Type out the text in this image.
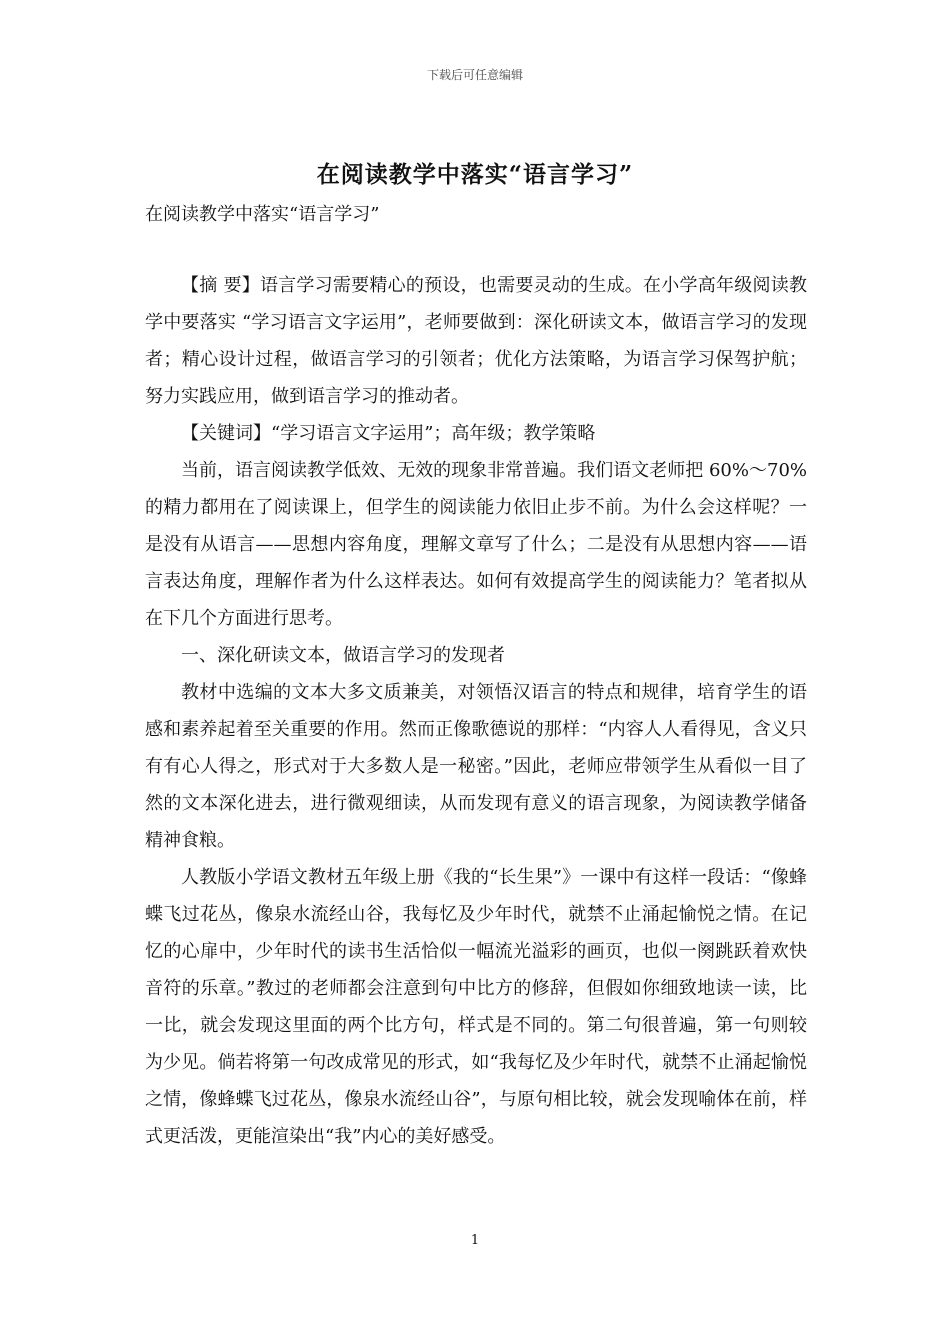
下载后可任意编辑
在阅读教学中落实“语言学习”
在阅读教学中落实“语言学习”

【摘 要】语言学习需要精心的预设，也需要灵动的生成。在小学高年级阅读教学中要落实 “学习语言文字运用”，老师要做到：深化研读文本，做语言学习的发现者；精心设计过程，做语言学习的引领者；优化方法策略，为语言学习保驾护航；努力实践应用，做到语言学习的推动者。

【关键词】“学习语言文字运用”；高年级；教学策略

当前，语言阅读教学低效、无效的现象非常普遍。我们语文老师把 60%～70%的精力都用在了阅读课上，但学生的阅读能力依旧止步不前。为什么会这样呢？一是没有从语言——思想内容角度，理解文章写了什么；二是没有从思想内容——语言表达角度，理解作者为什么这样表达。如何有效提高学生的阅读能力？笔者拟从在下几个方面进行思考。

一、深化研读文本，做语言学习的发现者

教材中选编的文本大多文质兼美，对领悟汉语言的特点和规律，培育学生的语感和素养起着至关重要的作用。然而正像歌德说的那样：“内容人人看得见，含义只有有心人得之，形式对于大多数人是一秘密。”因此，老师应带领学生从看似一目了然的文本深化进去，进行微观细读，从而发现有意义的语言现象，为阅读教学储备精神食粮。

人教版小学语文教材五年级上册《我的“长生果”》一课中有这样一段话：“像蜂蝶飞过花丛，像泉水流经山谷，我每忆及少年时代，就禁不止涌起愉悦之情。在记忆的心扉中，少年时代的读书生活恰似一幅流光溢彩的画页，也似一阕跳跃着欢快音符的乐章。”教过的老师都会注意到句中比方的修辞，但假如你细致地读一读，比一比，就会发现这里面的两个比方句，样式是不同的。第二句很普遍，第一句则较为少见。倘若将第一句改成常见的形式，如“我每忆及少年时代，就禁不止涌起愉悦之情，像蜂蝶飞过花丛，像泉水流经山谷”，与原句相比较，就会发现喻体在前，样式更活泼，更能渲染出“我”内心的美好感受。

1
